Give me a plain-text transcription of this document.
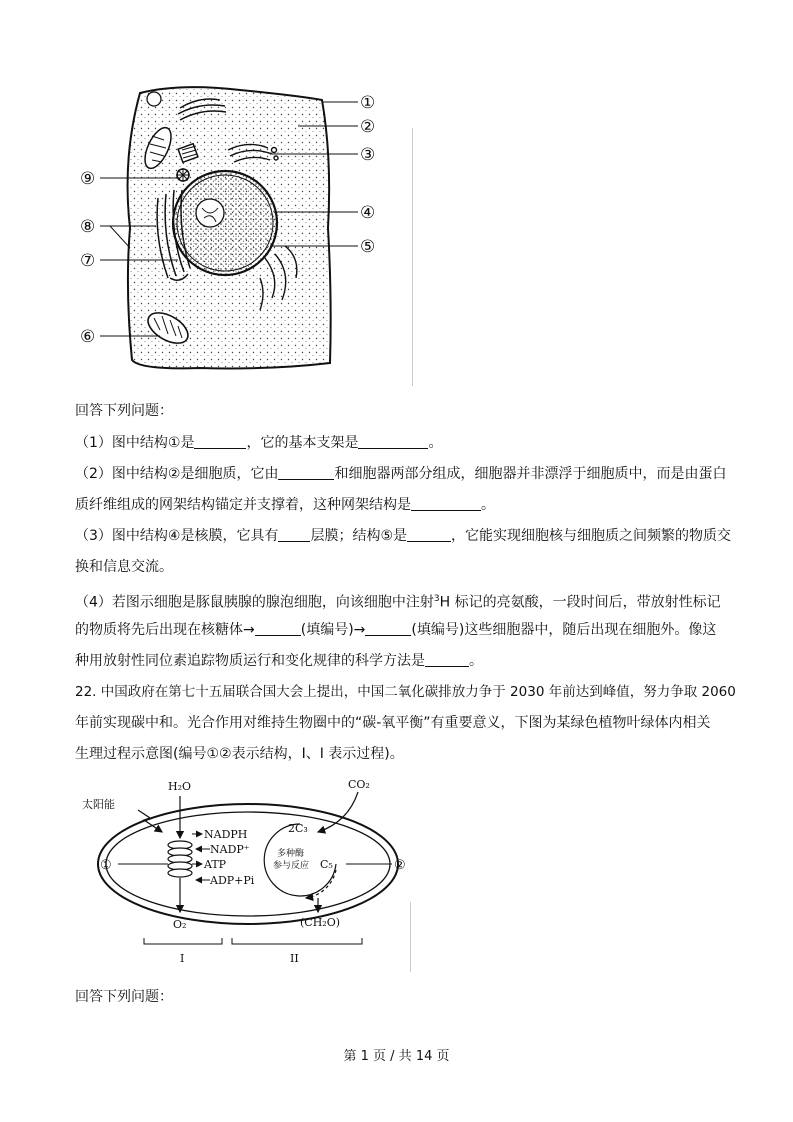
①
②
③
④
⑤
⑥
⑦
⑧
⑨
回答下列问题：
（1）图中结构①是	，它的基本支架是	。
（2）图中结构②是细胞质，它由	和细胞器两部分组成，细胞器并非漂浮于细胞质中，而是由蛋白
质纤维组成的网架结构锚定并支撑着，这种网架结构是	。
（3）图中结构④是核膜，它具有 层膜；结构⑤是	，它能实现细胞核与细胞质之间频繁的物质交
换和信息交流。
（4）若图示细胞是豚鼠胰腺的腺泡细胞，向该细胞中注射$^3$H 标记的亮氨酸，一段时间后，带放射性标记
的物质将先后出现在核糖体→	(填编号)→	(填编号)这些细胞器中，随后出现在细胞外。像这
种用放射性同位素追踪物质运行和变化规律的科学方法是	。
22. 中国政府在第七十五届联合国大会上提出，中国二氧化碳排放力争于 2030 年前达到峰值，努力争取 2060
年前实现碳中和。光合作用对维持生物圈中的“碳-氧平衡”有重要意义，下图为某绿色植物叶绿体内相关
生理过程示意图(编号①②表示结构，I、I 表示过程)。
太阳能
H₂O	CO₂
NADPH
NADP⁺
ATP
ADP+Pi
2C₃
C₅
多种酶
参与反应
O₂	(CH₂O)
①	②
I	II
回答下列问题：
第 1 页 / 共 14 页
